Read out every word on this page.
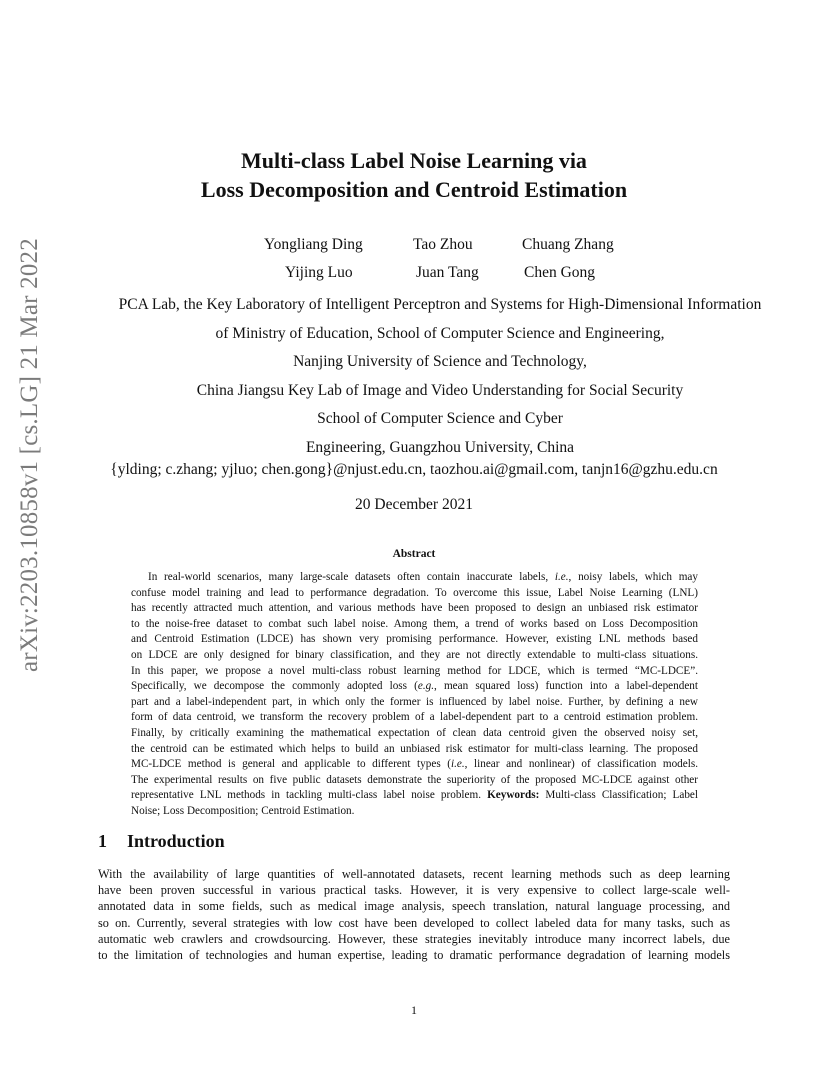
arXiv:2203.10858v1 [cs.LG] 21 Mar 2022
Multi-class Label Noise Learning via
Loss Decomposition and Centroid Estimation
Yongliang Ding	Tao Zhou	Chuang Zhang
Yijing Luo	Juan Tang	Chen Gong
PCA Lab, the Key Laboratory of Intelligent Perceptron and Systems for High-Dimensional Information
of Ministry of Education, School of Computer Science and Engineering,
Nanjing University of Science and Technology,
China Jiangsu Key Lab of Image and Video Understanding for Social Security
School of Computer Science and Cyber
Engineering, Guangzhou University, China
{ylding; c.zhang; yjluo; chen.gong}@njust.edu.cn, taozhou.ai@gmail.com, tanjn16@gzhu.edu.cn
20 December 2021
Abstract
In real-world scenarios, many large-scale datasets often contain inaccurate labels, i.e., noisy labels, which may
confuse model training and lead to performance degradation. To overcome this issue, Label Noise Learning (LNL)
has recently attracted much attention, and various methods have been proposed to design an unbiased risk estimator
to the noise-free dataset to combat such label noise. Among them, a trend of works based on Loss Decomposition
and Centroid Estimation (LDCE) has shown very promising performance. However, existing LNL methods based
on LDCE are only designed for binary classification, and they are not directly extendable to multi-class situations.
In this paper, we propose a novel multi-class robust learning method for LDCE, which is termed “MC-LDCE”.
Specifically, we decompose the commonly adopted loss (e.g., mean squared loss) function into a label-dependent
part and a label-independent part, in which only the former is influenced by label noise. Further, by defining a new
form of data centroid, we transform the recovery problem of a label-dependent part to a centroid estimation problem.
Finally, by critically examining the mathematical expectation of clean data centroid given the observed noisy set,
the centroid can be estimated which helps to build an unbiased risk estimator for multi-class learning. The proposed
MC-LDCE method is general and applicable to different types (i.e., linear and nonlinear) of classification models.
The experimental results on five public datasets demonstrate the superiority of the proposed MC-LDCE against other
representative LNL methods in tackling multi-class label noise problem. Keywords: Multi-class Classification; Label
Noise; Loss Decomposition; Centroid Estimation.
1 Introduction
With the availability of large quantities of well-annotated datasets, recent learning methods such as deep learning
have been proven successful in various practical tasks. However, it is very expensive to collect large-scale well-
annotated data in some fields, such as medical image analysis, speech translation, natural language processing, and
so on. Currently, several strategies with low cost have been developed to collect labeled data for many tasks, such as
automatic web crawlers and crowdsourcing. However, these strategies inevitably introduce many incorrect labels, due
to the limitation of technologies and human expertise, leading to dramatic performance degradation of learning models
1
